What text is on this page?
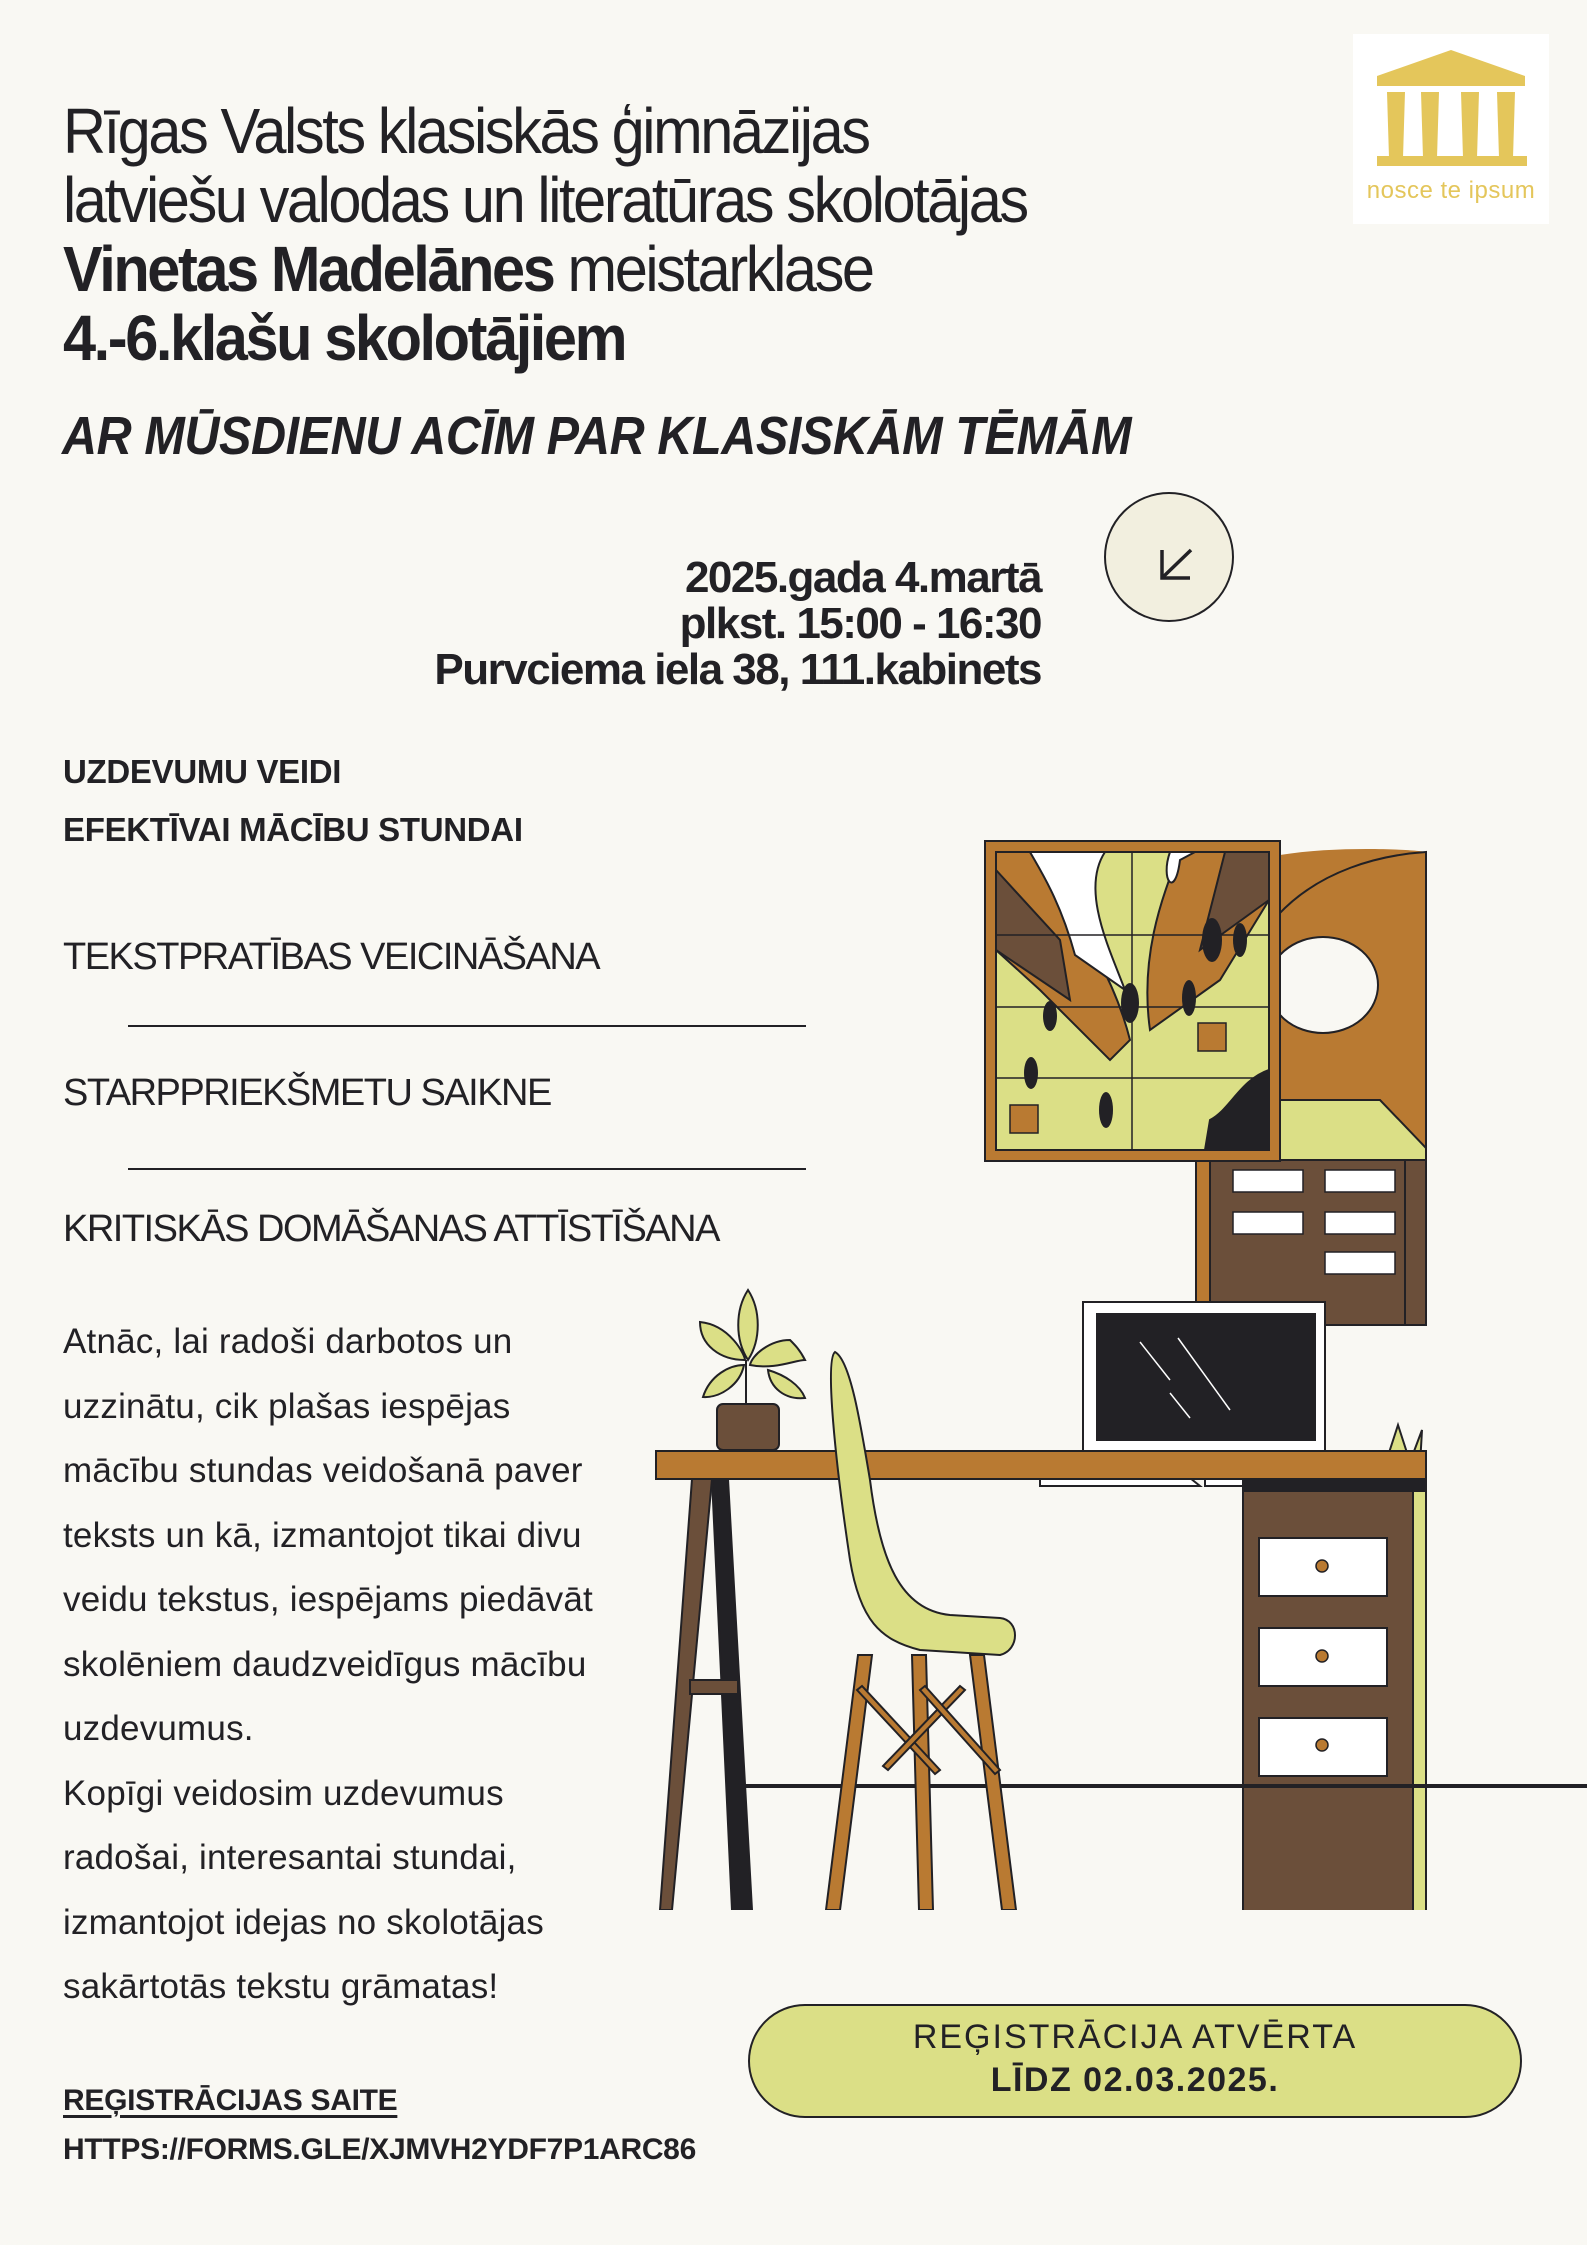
nosce te ipsum
Rīgas Valsts klasiskās ģimnāzijas
latviešu valodas un literatūras skolotājas
Vinetas Madelānes meistarklase
4.-6.klašu skolotājiem
AR MŪSDIENU ACĪM PAR KLASISKĀM TĒMĀM
2025.gada 4.martā
plkst. 15:00 - 16:30
Purvciema iela 38, 111.kabinets
UZDEVUMU VEIDI
EFEKTĪVAI MĀCĪBU STUNDAI
TEKSTPRATĪBAS VEICINĀŠANA
STARPPRIEKŠMETU SAIKNE
KRITISKĀS DOMĀŠANAS ATTĪSTĪŠANA
Atnāc, lai radoši darbotos un
uzzinātu, cik plašas iespējas
mācību stundas veidošanā paver
teksts un kā, izmantojot tikai divu
veidu tekstus, iespējams piedāvāt
skolēniem daudzveidīgus mācību
uzdevumus.
Kopīgi veidosim uzdevumus
radošai, interesantai stundai,
izmantojot idejas no skolotājas
sakārtotās tekstu grāmatas!
REĢISTRĀCIJAS SAITE
HTTPS://FORMS.GLE/XJMVH2YDF7P1ARC86
REĢISTRĀCIJA ATVĒRTA
LĪDZ 02.03.2025.
